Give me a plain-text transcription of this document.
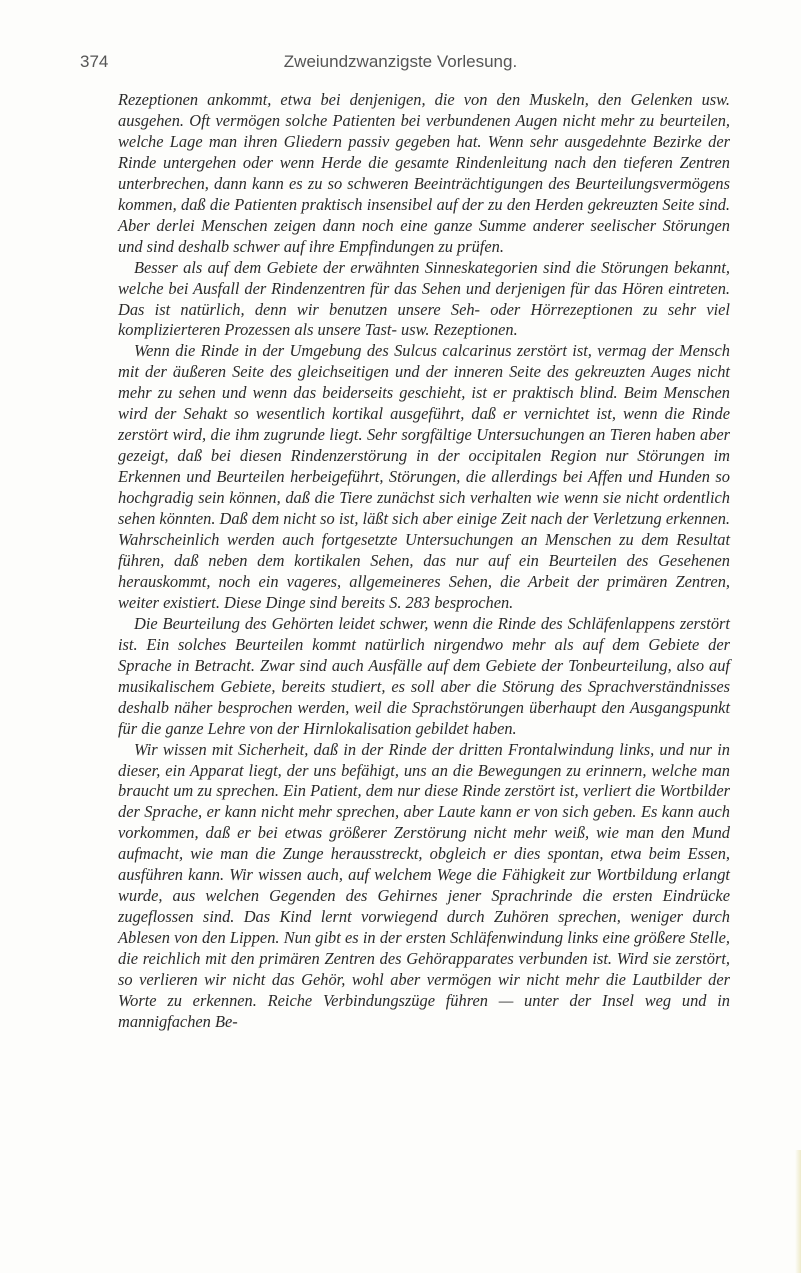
374	Zweiundzwanzigste Vorlesung.

Rezeptionen ankommt, etwa bei denjenigen, die von den Muskeln, den Gelenken usw. ausgehen. Oft vermögen solche Patienten bei verbundenen Augen nicht mehr zu beurteilen, welche Lage man ihren Gliedern passiv gegeben hat. Wenn sehr ausgedehnte Bezirke der Rinde untergehen oder wenn Herde die gesamte Rindenleitung nach den tieferen Zentren unterbrechen, dann kann es zu so schweren Beeinträchtigungen des Beurteilungsvermögens kommen, daß die Patienten praktisch insensibel auf der zu den Herden gekreuzten Seite sind. Aber derlei Menschen zeigen dann noch eine ganze Summe anderer seelischer Störungen und sind deshalb schwer auf ihre Empfindungen zu prüfen.

Besser als auf dem Gebiete der erwähnten Sinneskategorien sind die Störungen bekannt, welche bei Ausfall der Rindenzentren für das Sehen und derjenigen für das Hören eintreten. Das ist natürlich, denn wir benutzen unsere Seh- oder Hörrezeptionen zu sehr viel komplizierteren Prozessen als unsere Tast- usw. Rezeptionen.

Wenn die Rinde in der Umgebung des Sulcus calcarinus zerstört ist, vermag der Mensch mit der äußeren Seite des gleichseitigen und der inneren Seite des gekreuzten Auges nicht mehr zu sehen und wenn das beiderseits geschieht, ist er praktisch blind. Beim Menschen wird der Sehakt so wesentlich kortikal ausgeführt, daß er vernichtet ist, wenn die Rinde zerstört wird, die ihm zugrunde liegt. Sehr sorgfältige Untersuchungen an Tieren haben aber gezeigt, daß bei diesen Rindenzerstörung in der occipitalen Region nur Störungen im Erkennen und Beurteilen herbeigeführt, Störungen, die allerdings bei Affen und Hunden so hochgradig sein können, daß die Tiere zunächst sich verhalten wie wenn sie nicht ordentlich sehen könnten. Daß dem nicht so ist, läßt sich aber einige Zeit nach der Verletzung erkennen. Wahrscheinlich werden auch fortgesetzte Untersuchungen an Menschen zu dem Resultat führen, daß neben dem kortikalen Sehen, das nur auf ein Beurteilen des Gesehenen herauskommt, noch ein vageres, allgemeineres Sehen, die Arbeit der primären Zentren, weiter existiert. Diese Dinge sind bereits S. 283 besprochen.

Die Beurteilung des Gehörten leidet schwer, wenn die Rinde des Schläfenlappens zerstört ist. Ein solches Beurteilen kommt natürlich nirgendwo mehr als auf dem Gebiete der Sprache in Betracht. Zwar sind auch Ausfälle auf dem Gebiete der Tonbeurteilung, also auf musikalischem Gebiete, bereits studiert, es soll aber die Störung des Sprachverständnisses deshalb näher besprochen werden, weil die Sprachstörungen überhaupt den Ausgangspunkt für die ganze Lehre von der Hirnlokalisation gebildet haben.

Wir wissen mit Sicherheit, daß in der Rinde der dritten Frontalwindung links, und nur in dieser, ein Apparat liegt, der uns befähigt, uns an die Bewegungen zu erinnern, welche man braucht um zu sprechen. Ein Patient, dem nur diese Rinde zerstört ist, verliert die Wortbilder der Sprache, er kann nicht mehr sprechen, aber Laute kann er von sich geben. Es kann auch vorkommen, daß er bei etwas größerer Zerstörung nicht mehr weiß, wie man den Mund aufmacht, wie man die Zunge herausstreckt, obgleich er dies spontan, etwa beim Essen, ausführen kann. Wir wissen auch, auf welchem Wege die Fähigkeit zur Wortbildung erlangt wurde, aus welchen Gegenden des Gehirnes jener Sprachrinde die ersten Eindrücke zugeflossen sind. Das Kind lernt vorwiegend durch Zuhören sprechen, weniger durch Ablesen von den Lippen. Nun gibt es in der ersten Schläfenwindung links eine größere Stelle, die reichlich mit den primären Zentren des Gehörapparates verbunden ist. Wird sie zerstört, so verlieren wir nicht das Gehör, wohl aber vermögen wir nicht mehr die Lautbilder der Worte zu erkennen. Reiche Verbindungszüge führen — unter der Insel weg und in mannigfachen Be-
